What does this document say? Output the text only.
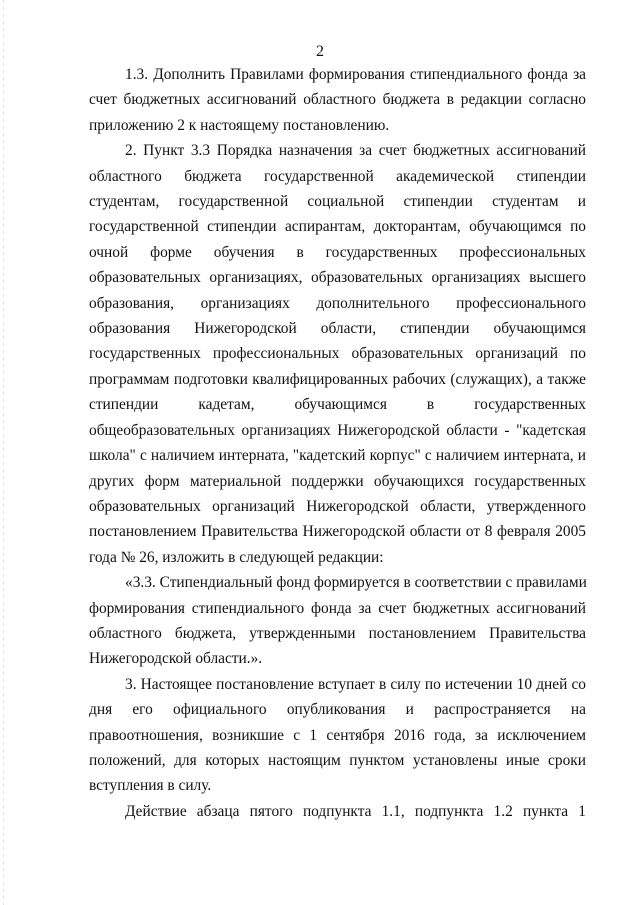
2

1.3. Дополнить Правилами формирования стипендиального фонда за
счет бюджетных ассигнований областного бюджета в редакции согласно
приложению 2 к настоящему постановлению.

2. Пункт 3.3 Порядка назначения за счет бюджетных ассигнований
областного бюджета государственной академической стипендии
студентам, государственной социальной стипендии студентам и
государственной стипендии аспирантам, докторантам, обучающимся по
очной форме обучения в государственных профессиональных
образовательных организациях, образовательных организациях высшего
образования, организациях дополнительного профессионального
образования Нижегородской области, стипендии обучающимся
государственных профессиональных образовательных организаций по
программам подготовки квалифицированных рабочих (служащих), а также
стипендии кадетам, обучающимся в государственных
общеобразовательных организациях Нижегородской области - "кадетская
школа" с наличием интерната, "кадетский корпус" с наличием интерната, и
других форм материальной поддержки обучающихся государственных
образовательных организаций Нижегородской области, утвержденного
постановлением Правительства Нижегородской области от 8 февраля 2005
года № 26, изложить в следующей редакции:

«3.3. Стипендиальный фонд формируется в соответствии с правилами
формирования стипендиального фонда за счет бюджетных ассигнований
областного бюджета, утвержденными постановлением Правительства
Нижегородской области.».

3. Настоящее постановление вступает в силу по истечении 10 дней со
дня его официального опубликования и распространяется на
правоотношения, возникшие с 1 сентября 2016 года, за исключением
положений, для которых настоящим пунктом установлены иные сроки
вступления в силу.

Действие абзаца пятого подпункта 1.1, подпункта 1.2 пункта 1
